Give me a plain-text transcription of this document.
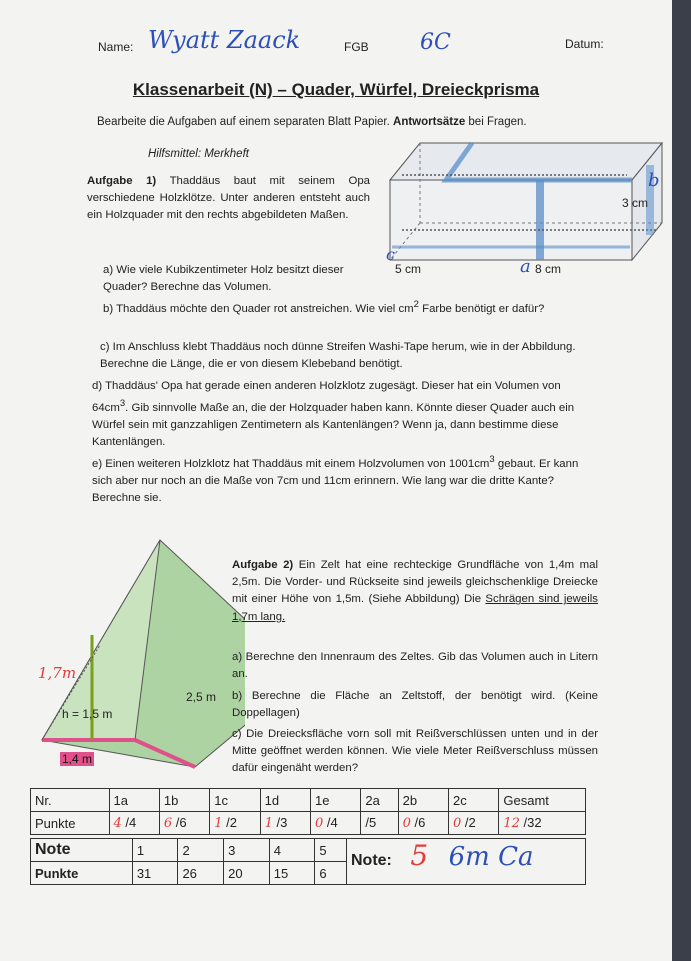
Name: Wyatt Zaack	FGB 6C	Datum:
Klassenarbeit (N) – Quader, Würfel, Dreieckprisma
Bearbeite die Aufgaben auf einem separaten Blatt Papier. Antwortsätze bei Fragen.
Hilfsmittel: Merkheft
Aufgabe 1) Thaddäus baut mit seinem Opa verschiedene Holzklötze. Unter anderen entsteht auch ein Holzquader mit den rechts abgebildeten Maßen.
3 cm
5 cm	8 cm
b
c
a
a) Wie viele Kubikzentimeter Holz besitzt dieser Quader? Berechne das Volumen.
b) Thaddäus möchte den Quader rot anstreichen. Wie viel $cm^2$ Farbe benötigt er dafür?
c) Im Anschluss klebt Thaddäus noch dünne Streifen Washi-Tape herum, wie in der Abbildung. Berechne die Länge, die er von diesem Klebeband benötigt.
d) Thaddäus' Opa hat gerade einen anderen Holzklotz zugesägt. Dieser hat ein Volumen von $64cm^3$. Gib sinnvolle Maße an, die der Holzquader haben kann. Könnte dieser Quader auch ein Würfel sein mit ganzzahligen Zentimetern als Kantenlängen? Wenn ja, dann bestimme diese Kantenlängen.
e) Einen weiteren Holzklotz hat Thaddäus mit einem Holzvolumen von $1001cm^3$ gebaut. Er kann sich aber nur noch an die Maße von 7cm und 11cm erinnern. Wie lang war die dritte Kante? Berechne sie.
h = 1,5 m
1,4 m
2,5 m
1,7m
Aufgabe 2) Ein Zelt hat eine rechteckige Grundfläche von 1,4m mal 2,5m. Die Vorder- und Rückseite sind jeweils gleichschenklige Dreiecke mit einer Höhe von 1,5m. (Siehe Abbildung) Die Schrägen sind jeweils 1,7m lang.
a) Berechne den Innenraum des Zeltes. Gib das Volumen auch in Litern an.
b) Berechne die Fläche an Zeltstoff, der benötigt wird. (Keine Doppellagen)
c) Die Dreiecksfläche vorn soll mit Reißverschlüssen unten und in der Mitte geöffnet werden können. Wie viele Meter Reißverschluss müssen dafür eingenäht werden?
Nr.	1a	1b	1c	1d	1e	2a	2b	2c	Gesamt
Punkte	4 /4	6 /6	1 /2	1 /3	0 /4	/5	0 /6	0 /2	12 /32
Note	1	2	3	4	5	Note: 5 6m Ca
Punkte	31	26	20	15	6	
